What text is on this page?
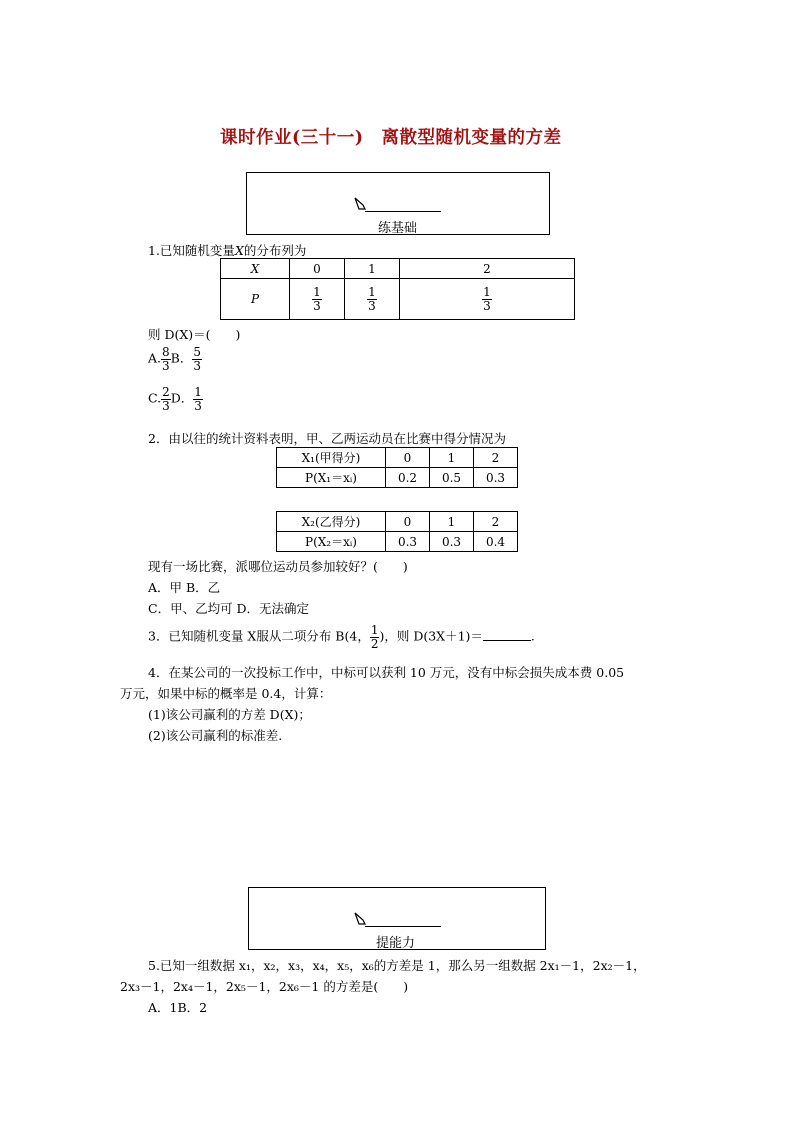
课时作业(三十一)　离散型随机变量的方差
练基础
1.已知随机变量X的分布列为
X	0	1	2
P	$\frac{1}{3}$	$\frac{1}{3}$	$\frac{1}{3}$
则 D(X)＝(　　)
A. $\frac{8}{3}$ B． $\frac{5}{3}$
C. $\frac{2}{3}$ D． $\frac{1}{3}$
2．由以往的统计资料表明，甲、乙两运动员在比赛中得分情况为
X₁(甲得分)	0	1	2
P(X₁＝xᵢ)	0.2	0.5	0.3
X₂(乙得分)	0	1	2
P(X₂＝xᵢ)	0.3	0.3	0.4
现有一场比赛，派哪位运动员参加较好？(　　)
A．甲 B．乙
C．甲、乙均可 D．无法确定
3．已知随机变量 X服从二项分布 B(4， $\frac{1}{2}$ )，则 D(3X＋1)＝	.
4．在某公司的一次投标工作中，中标可以获利 10 万元，没有中标会损失成本费 0.05
万元，如果中标的概率是 0.4，计算：
(1)该公司赢利的方差 D(X)；
(2)该公司赢利的标准差.
提能力
5.已知一组数据 x₁，x₂，x₃，x₄，x₅，x₆的方差是 1，那么另一组数据 2x₁－1，2x₂－1，
2x₃－1，2x₄－1，2x₅－1，2x₆－1 的方差是(　　)
A．1B．2
